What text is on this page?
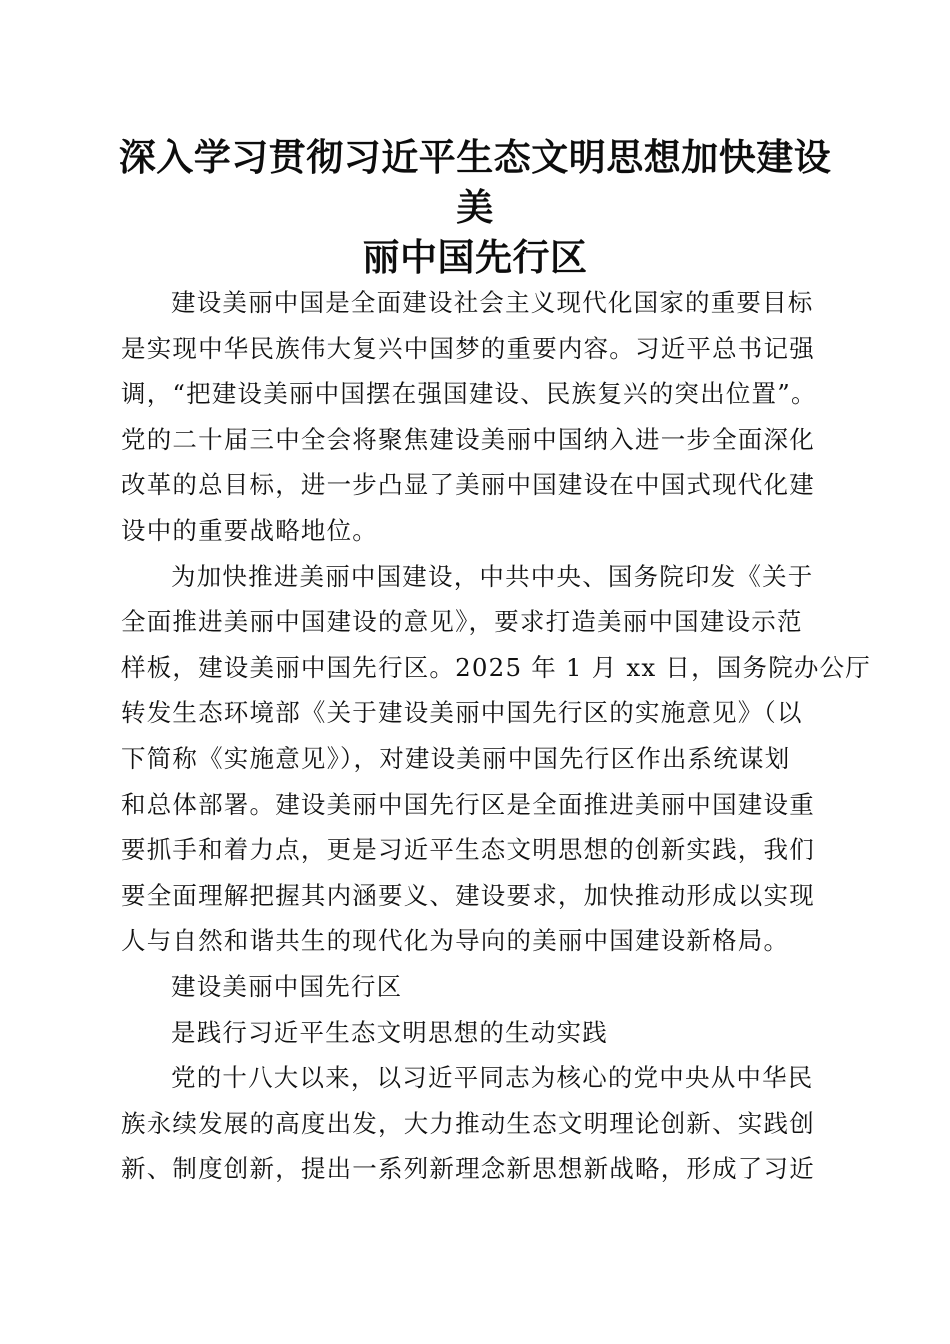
深入学习贯彻习近平生态文明思想加快建设美
丽中国先行区

建设美丽中国是全面建设社会主义现代化国家的重要目标
是实现中华民族伟大复兴中国梦的重要内容。习近平总书记强
调，“把建设美丽中国摆在强国建设、民族复兴的突出位置”。
党的二十届三中全会将聚焦建设美丽中国纳入进一步全面深化
改革的总目标，进一步凸显了美丽中国建设在中国式现代化建
设中的重要战略地位。

为加快推进美丽中国建设，中共中央、国务院印发《关于
全面推进美丽中国建设的意见》，要求打造美丽中国建设示范
样板，建设美丽中国先行区。2025 年 1 月 xx 日，国务院办公厅
转发生态环境部《关于建设美丽中国先行区的实施意见》（以
下简称《实施意见》），对建设美丽中国先行区作出系统谋划
和总体部署。建设美丽中国先行区是全面推进美丽中国建设重
要抓手和着力点，更是习近平生态文明思想的创新实践，我们
要全面理解把握其内涵要义、建设要求，加快推动形成以实现
人与自然和谐共生的现代化为导向的美丽中国建设新格局。

建设美丽中国先行区

是践行习近平生态文明思想的生动实践

党的十八大以来，以习近平同志为核心的党中央从中华民
族永续发展的高度出发，大力推动生态文明理论创新、实践创
新、制度创新，提出一系列新理念新思想新战略，形成了习近
